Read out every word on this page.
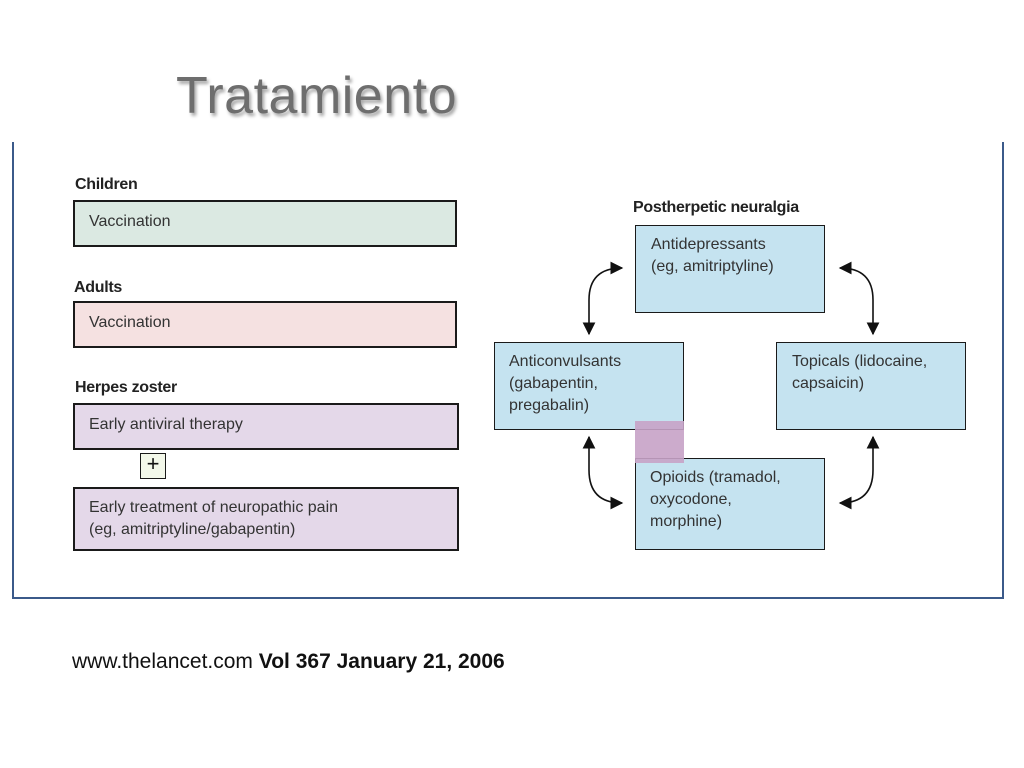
Tratamiento
Children
Vaccination
Adults
Vaccination
Herpes zoster
Early antiviral therapy
+
Early treatment of neuropathic pain
(eg, amitriptyline/gabapentin)
Postherpetic neuralgia
Antidepressants
(eg, amitriptyline)
Anticonvulsants
(gabapentin,
pregabalin)
Topicals (lidocaine,
capsaicin)
Opioids (tramadol,
oxycodone,
morphine)
www.thelancet.com Vol 367 January 21, 2006
